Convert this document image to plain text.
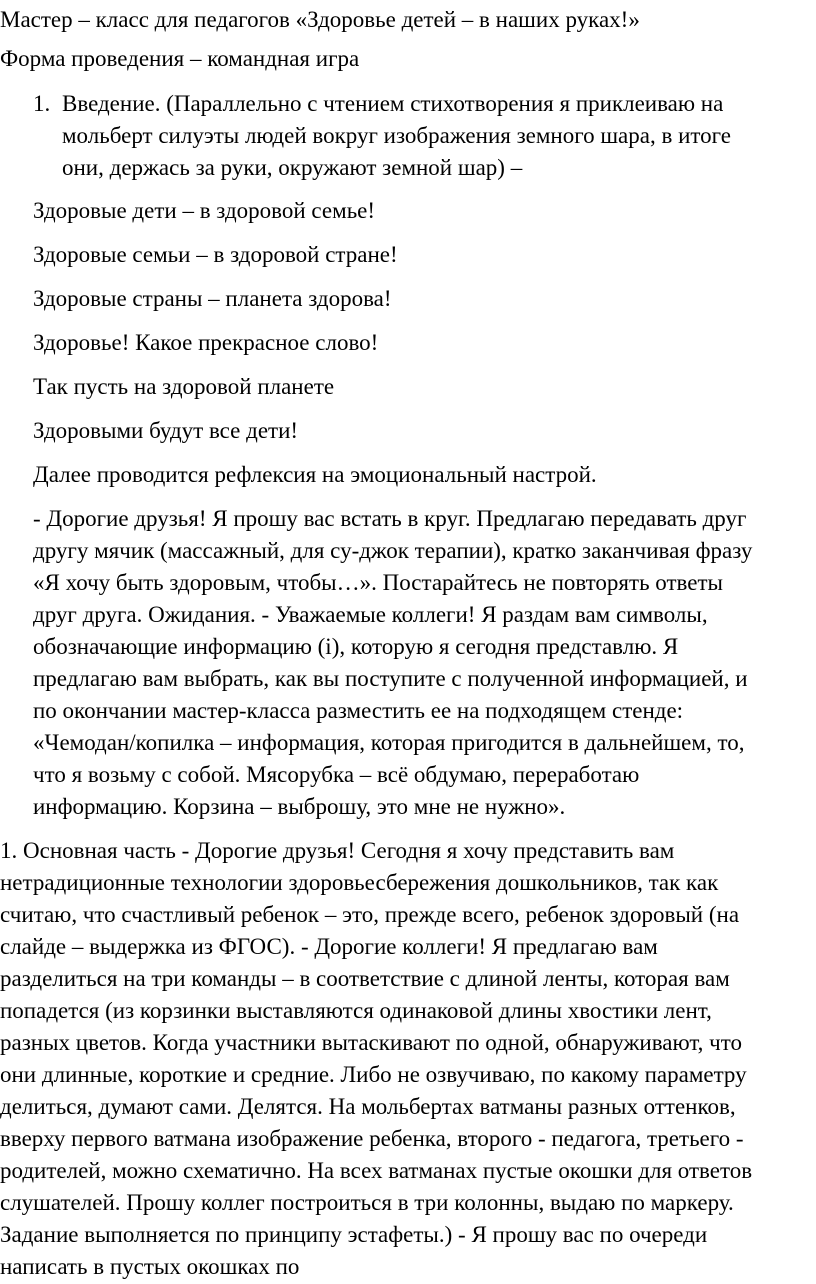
Мастер – класс для педагогов «Здоровье детей – в наших руках!»
Форма проведения – командная игра
1. Введение. (Параллельно с чтением стихотворения я приклеиваю на
мольберт силуэты людей вокруг изображения земного шара, в итоге
они, держась за руки, окружают земной шар) –
Здоровые дети – в здоровой семье!
Здоровые семьи – в здоровой стране!
Здоровые страны – планета здорова!
Здоровье! Какое прекрасное слово!
Так пусть на здоровой планете
Здоровыми будут все дети!
Далее проводится рефлексия на эмоциональный настрой.
- Дорогие друзья! Я прошу вас встать в круг. Предлагаю передавать друг
другу мячик (массажный, для су-джок терапии), кратко заканчивая фразу
«Я хочу быть здоровым, чтобы…». Постарайтесь не повторять ответы
друг друга. Ожидания. - Уважаемые коллеги! Я раздам вам символы,
обозначающие информацию (i), которую я сегодня представлю. Я
предлагаю вам выбрать, как вы поступите с полученной информацией, и
по окончании мастер-класса разместить ее на подходящем стенде:
«Чемодан/копилка – информация, которая пригодится в дальнейшем, то,
что я возьму с собой. Мясорубка – всё обдумаю, переработаю
информацию. Корзина – выброшу, это мне не нужно».
1. Основная часть - Дорогие друзья! Сегодня я хочу представить вам
нетрадиционные технологии здоровьесбережения дошкольников, так как
считаю, что счастливый ребенок – это, прежде всего, ребенок здоровый (на
слайде – выдержка из ФГОС). - Дорогие коллеги! Я предлагаю вам
разделиться на три команды – в соответствие с длиной ленты, которая вам
попадется (из корзинки выставляются одинаковой длины хвостики лент,
разных цветов. Когда участники вытаскивают по одной, обнаруживают, что
они длинные, короткие и средние. Либо не озвучиваю, по какому параметру
делиться, думают сами. Делятся. На мольбертах ватманы разных оттенков,
вверху первого ватмана изображение ребенка, второго - педагога, третьего -
родителей, можно схематично. На всех ватманах пустые окошки для ответов
слушателей. Прошу коллег построиться в три колонны, выдаю по маркеру.
Задание выполняется по принципу эстафеты.) - Я прошу вас по очереди
написать в пустых окошках по
